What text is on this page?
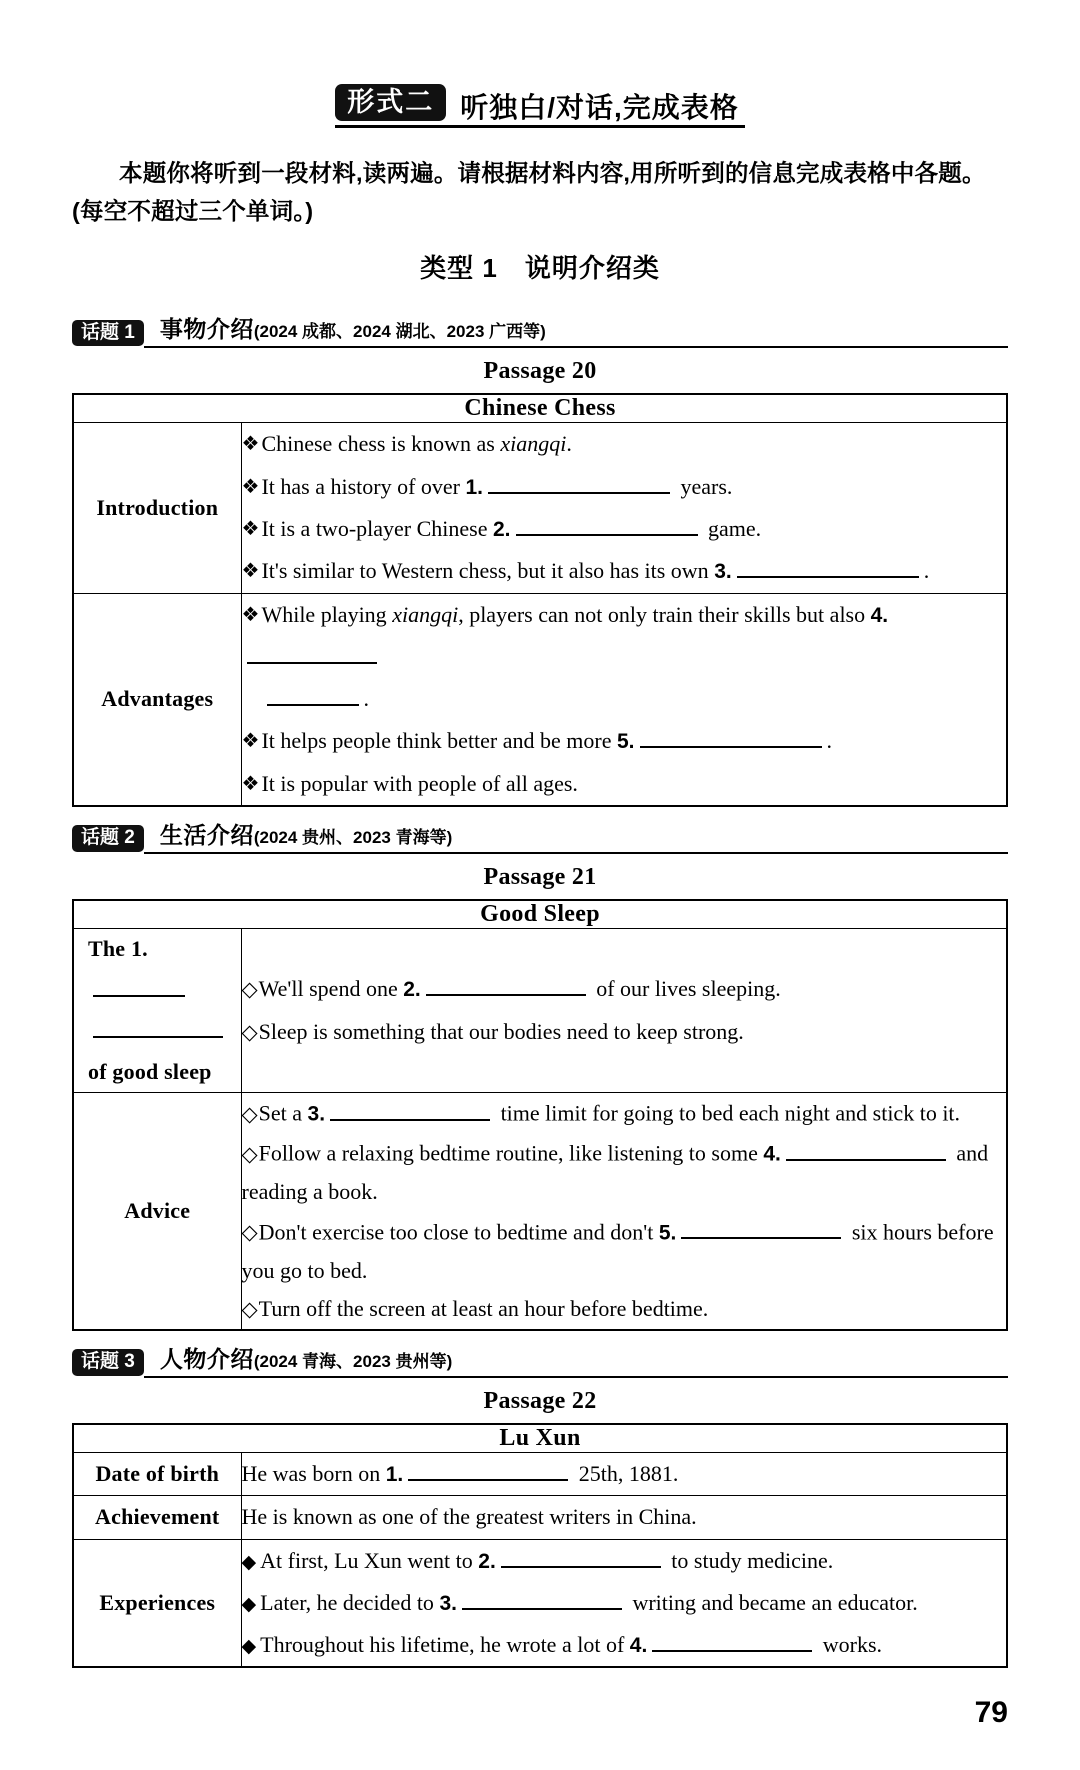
形式二 听独白/对话,完成表格
本题你将听到一段材料,读两遍。请根据材料内容,用所听到的信息完成表格中各题。(每空不超过三个单词。)
类型 1　说明介绍类
话题 1	事物介绍 (2024 成都、2024 湖北、2023 广西等)
Passage 20
Chinese Chess	
Introduction	❖Chinese chess is known as xiangqi.
❖It has a history of over 1. years.
❖It is a two-player Chinese 2. game.
❖It's similar to Western chess, but it also has its own 3. .

Advantages	❖While playing xiangqi, players can not only train their skills but also 4.
.
❖It helps people think better and be more 5. .
❖It is popular with people of all ages.
话题 2	生活介绍 (2024 贵州、2023 青海等)
Passage 21
Good Sleep	
The 1.

of good sleep	◇We'll spend one 2. of our lives sleeping.
◇Sleep is something that our bodies need to keep strong.

Advice	◇Set a 3. time limit for going to bed each night and stick to it.
◇Follow a relaxing bedtime routine, like listening to some 4. and reading a book.
◇Don't exercise too close to bedtime and don't 5. six hours before you go to bed.
◇Turn off the screen at least an hour before bedtime.
话题 3	人物介绍 (2024 青海、2023 贵州等)
Passage 22
Lu Xun	
Date of birth	He was born on 1. 25th, 1881.

Achievement	He is known as one of the greatest writers in China.

Experiences	◆ At first, Lu Xun went to 2. to study medicine.
◆ Later, he decided to 3. writing and became an educator.
◆ Throughout his lifetime, he wrote a lot of 4. works.
79
